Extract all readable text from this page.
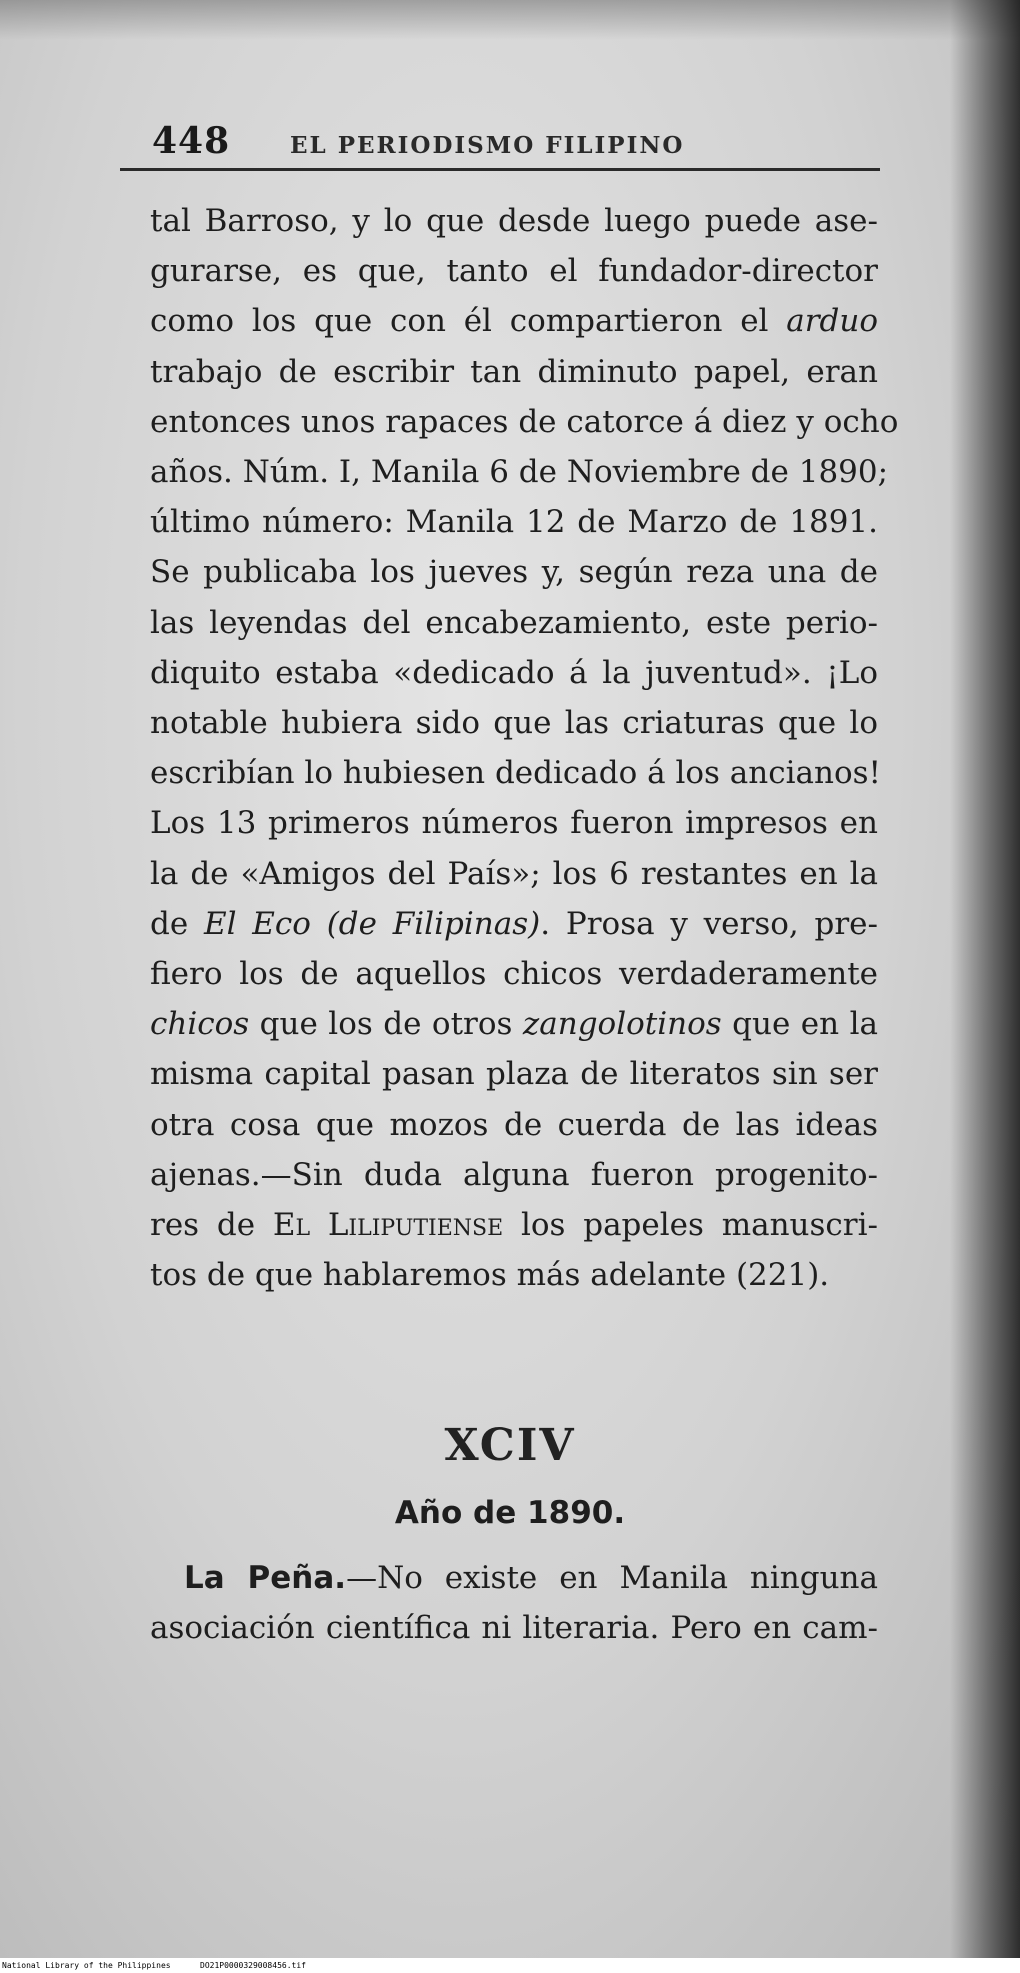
448	EL PERIODISMO FILIPINO
tal Barroso, y lo que desde luego puede ase-
gurarse, es que, tanto el fundador-director
como los que con él compartieron el arduo
trabajo de escribir tan diminuto papel, eran
entonces unos rapaces de catorce á diez y ocho
años. Núm. I, Manila 6 de Noviembre de 1890;
último número: Manila 12 de Marzo de 1891.
Se publicaba los jueves y, según reza una de
las leyendas del encabezamiento, este perio-
diquito estaba «dedicado á la juventud». ¡Lo
notable hubiera sido que las criaturas que lo
escribían lo hubiesen dedicado á los ancianos!
Los 13 primeros números fueron impresos en
la de «Amigos del País»; los 6 restantes en la
de El Eco (de Filipinas). Prosa y verso, pre-
fiero los de aquellos chicos verdaderamente
chicos que los de otros zangolotinos que en la
misma capital pasan plaza de literatos sin ser
otra cosa que mozos de cuerda de las ideas
ajenas.—Sin duda alguna fueron progenito-
res de El Liliputiense los papeles manuscri-
tos de que hablaremos más adelante (221).
XCIV
Año de 1890.
La Peña.—No existe en Manila ninguna
asociación científica ni literaria. Pero en cam-
National Library of the Philippines	DO21P0000329008456.tif
